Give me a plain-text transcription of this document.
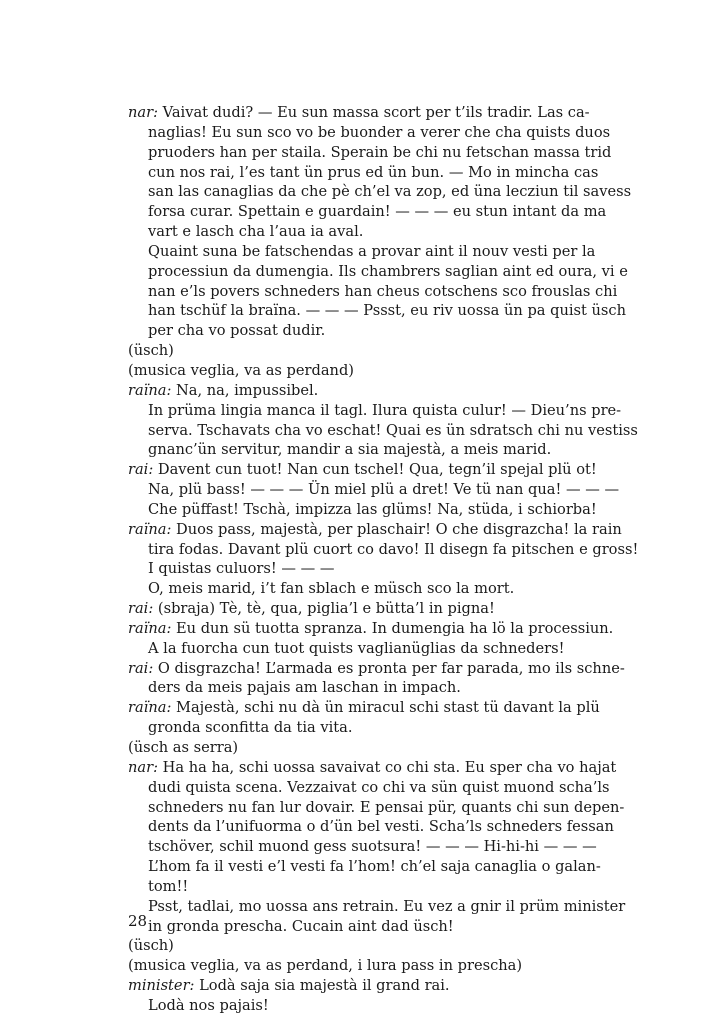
nar: Vaivat dudi? — Eu sun massa scort per t’ils tradir. Las ca-
naglias! Eu sun sco vo be buonder a verer che cha quists duos
pruoders han per staila. Sperain be chi nu fetschan massa trid
cun nos rai, l’es tant ün prus ed ün bun. — Mo in mincha cas
san las canaglias da che pè ch’el va zop, ed üna lecziun til savess
forsa curar. Spettain e guardain! — — — eu stun intant da ma
vart e lasch cha l’aua ia aval.
Quaint suna be fatschendas a provar aint il nouv vesti per la
processiun da dumengia. Ils chambrers saglian aint ed oura, vi e
nan e’ls povers schneders han cheus cotschens sco frouslas chi
han tschüf la braïna. — — — Pssst, eu riv uossa ün pa quist üsch
per cha vo possat dudir.
(üsch)
(musica veglia, va as perdand)
raïna: Na, na, impussibel.
In prüma lingia manca il tagl. Ilura quista culur! — Dieu’ns pre-
serva. Tschavats cha vo eschat! Quai es ün sdratsch chi nu vestiss
gnanc’ün servitur, mandir a sia majestà, a meis marid.
rai: Davent cun tuot! Nan cun tschel! Qua, tegn’il spejal plü ot!
Na, plü bass! — — — Ün miel plü a dret! Ve tü nan qua! — — —
Che püffast! Tschà, impizza las glüms! Na, stüda, i schiorba!
raïna: Duos pass, majestà, per plaschair! O che disgrazcha! la rain
tira fodas. Davant plü cuort co davo! Il disegn fa pitschen e gross!
I quistas culuors! — — —
O, meis marid, i’t fan sblach e müsch sco la mort.
rai: (sbraja) Tè, tè, qua, piglia’l e bütta’l in pigna!
raïna: Eu dun sü tuotta spranza. In dumengia ha lö la processiun.
A la fuorcha cun tuot quists vaglianüglias da schneders!
rai: O disgrazcha! L’armada es pronta per far parada, mo ils schne-
ders da meis pajais am laschan in impach.
raïna: Majestà, schi nu dà ün miracul schi stast tü davant la plü
gronda sconfitta da tia vita.
(üsch as serra)
nar: Ha ha ha, schi uossa savaivat co chi sta. Eu sper cha vo hajat
dudi quista scena. Vezzaivat co chi va sün quist muond scha’ls
schneders nu fan lur dovair. E pensai pür, quants chi sun depen-
dents da l’unifuorma o d’ün bel vesti. Scha’ls schneders fessan
tschöver, schil muond gess suotsura! — — — Hi-hi-hi — — —
L’hom fa il vesti e’l vesti fa l’hom! ch’el saja canaglia o galan-
tom!!
Psst, tadlai, mo uossa ans retrain. Eu vez a gnir il prüm minister
in gronda prescha. Cucain aint dad üsch!
(üsch)
(musica veglia, va as perdand, i lura pass in prescha)
minister: Lodà saja sia majestà il grand rai.
Lodà nos pajais!
28
